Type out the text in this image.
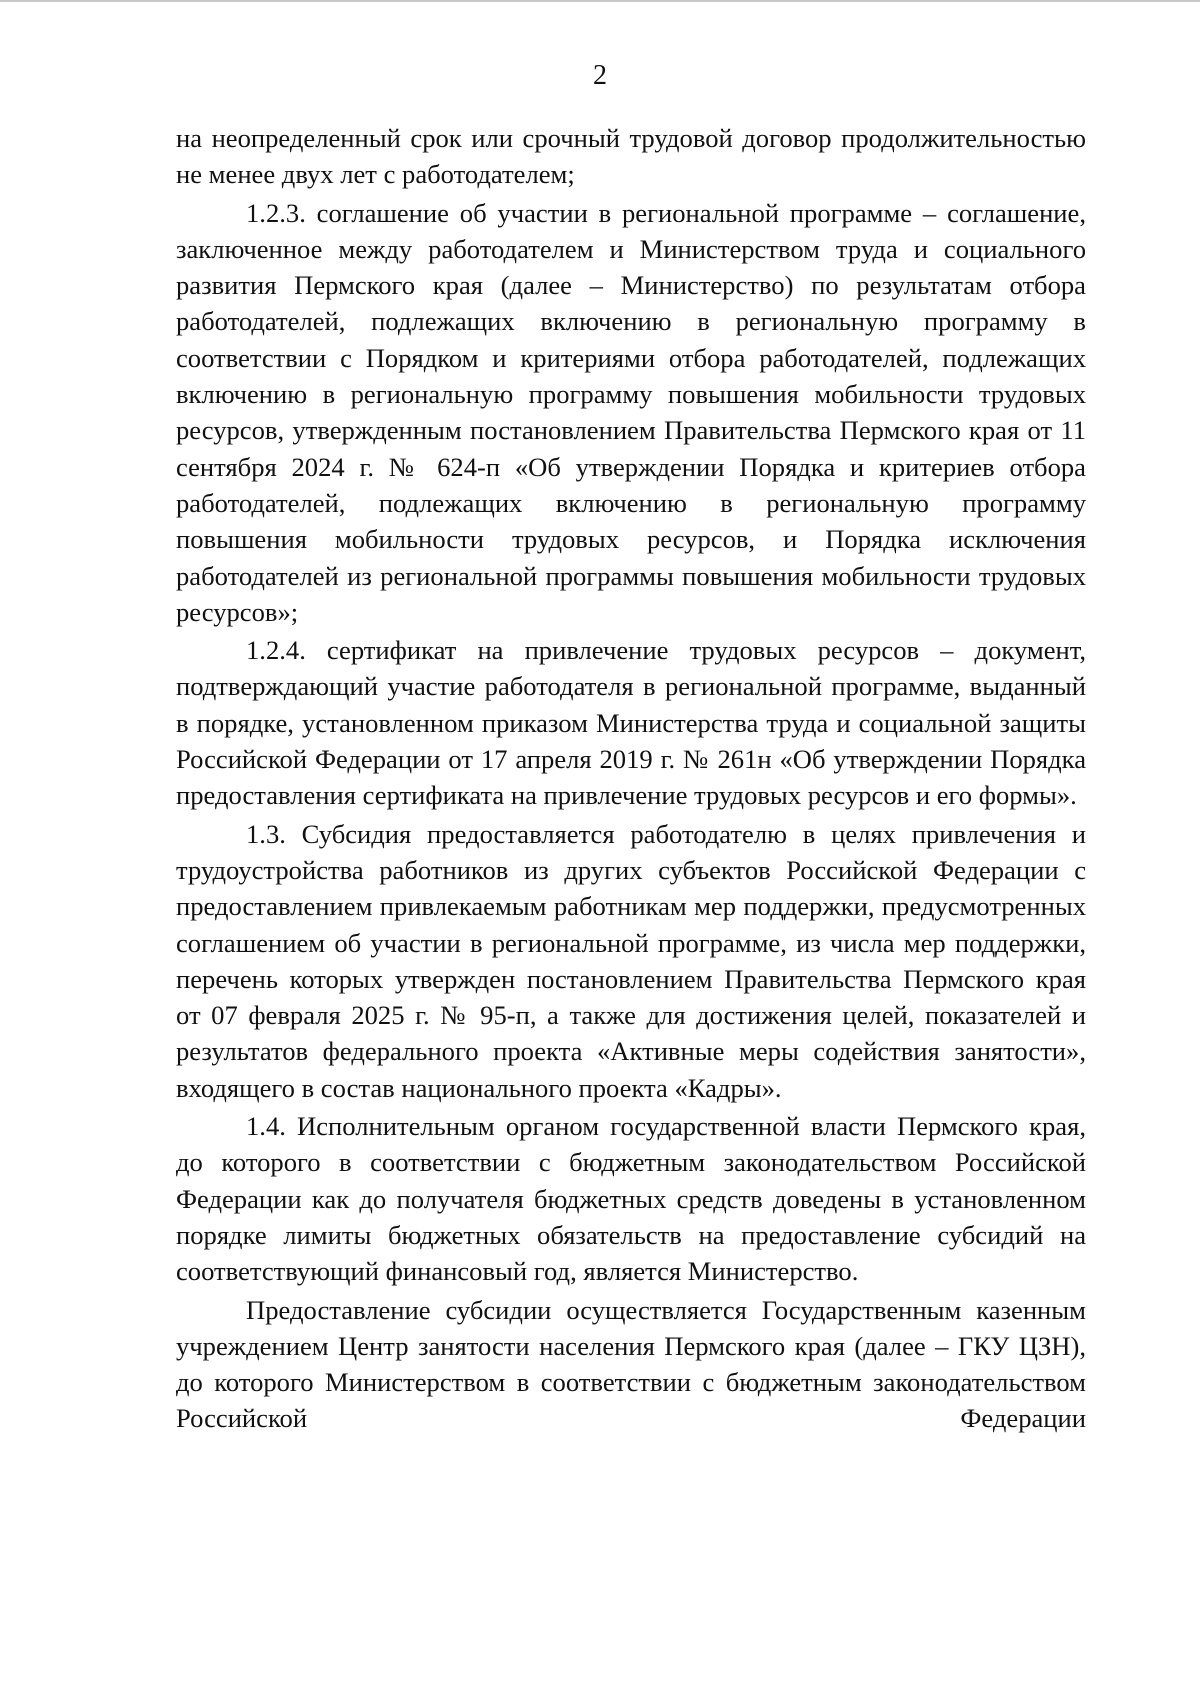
2

на неопределенный срок или срочный трудовой договор продолжительностью не менее двух лет с работодателем;

1.2.3. соглашение об участии в региональной программе – соглашение, заключенное между работодателем и Министерством труда и социального развития Пермского края (далее – Министерство) по результатам отбора работодателей, подлежащих включению в региональную программу в соответствии с Порядком и критериями отбора работодателей, подлежащих включению в региональную программу повышения мобильности трудовых ресурсов, утвержденным постановлением Правительства Пермского края от 11 сентября 2024 г. № 624-п «Об утверждении Порядка и критериев отбора работодателей, подлежащих включению в региональную программу повышения мобильности трудовых ресурсов, и Порядка исключения работодателей из региональной программы повышения мобильности трудовых ресурсов»;

1.2.4. сертификат на привлечение трудовых ресурсов – документ, подтверждающий участие работодателя в региональной программе, выданный в порядке, установленном приказом Министерства труда и социальной защиты Российской Федерации от 17 апреля 2019 г. № 261н «Об утверждении Порядка предоставления сертификата на привлечение трудовых ресурсов и его формы».

1.3. Субсидия предоставляется работодателю в целях привлечения и трудоустройства работников из других субъектов Российской Федерации с предоставлением привлекаемым работникам мер поддержки, предусмотренных соглашением об участии в региональной программе, из числа мер поддержки, перечень которых утвержден постановлением Правительства Пермского края от 07 февраля 2025 г. № 95-п, а также для достижения целей, показателей и результатов федерального проекта «Активные меры содействия занятости», входящего в состав национального проекта «Кадры».

1.4. Исполнительным органом государственной власти Пермского края, до которого в соответствии с бюджетным законодательством Российской Федерации как до получателя бюджетных средств доведены в установленном порядке лимиты бюджетных обязательств на предоставление субсидий на соответствующий финансовый год, является Министерство.

Предоставление субсидии осуществляется Государственным казенным учреждением Центр занятости населения Пермского края (далее – ГКУ ЦЗН), до которого Министерством в соответствии с бюджетным законодательством Российской Федерации
